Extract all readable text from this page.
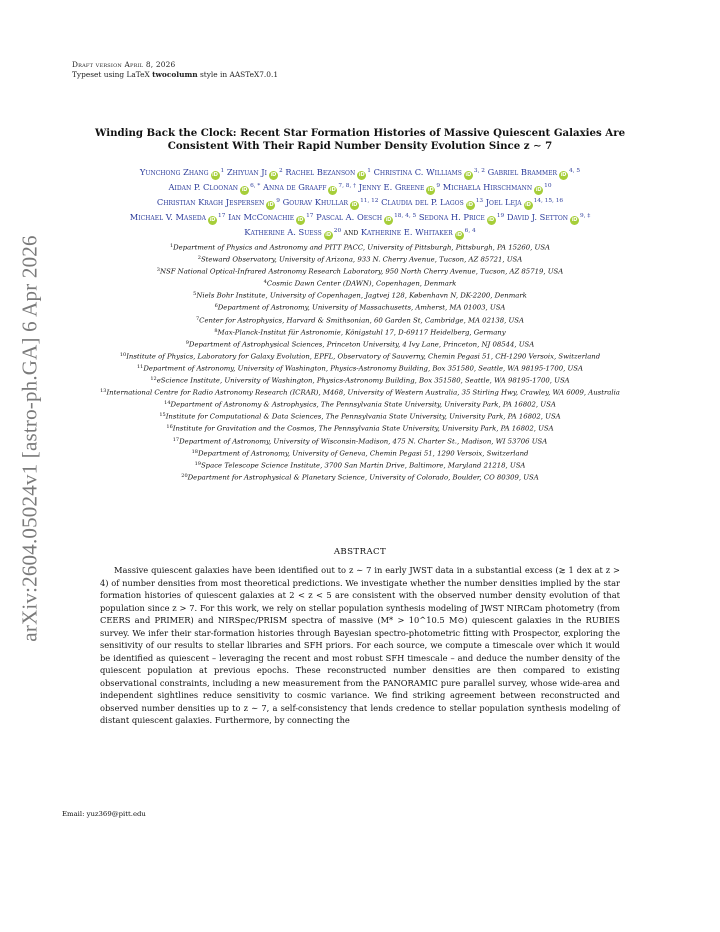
arXiv:2604.05024v1 [astro-ph.GA] 6 Apr 2026
Draft version April 8, 2026
Typeset using LaTeX twocolumn style in AASTeX7.0.1
Winding Back the Clock: Recent Star Formation Histories of Massive Quiescent Galaxies Are
Consistent With Their Rapid Number Density Evolution Since z ∼ 7
Yunchong Zhang iD$^1$ Zhiyuan Ji iD$^2$ Rachel Bezanson iD$^1$ Christina C. Williams iD$^{3, 2}$ Gabriel Brammer iD$^{4, 5}$
Aidan P. Cloonan iD$^{6, *}$ Anna de Graaff iD$^{7, 8, \dagger}$ Jenny E. Greene iD$^9$ Michaela Hirschmann iD$^{10}$
Christian Kragh Jespersen iD$^9$ Gourav Khullar iD$^{11, 12}$ Claudia del P. Lagos iD$^{13}$ Joel Leja iD$^{14, 15, 16}$
Michael V. Maseda iD$^{17}$ Ian McConachie iD$^{17}$ Pascal A. Oesch iD$^{18, 4, 5}$ Sedona H. Price iD$^{19}$ David J. Setton iD$^{9, \ddagger}$
Katherine A. Suess iD$^{20}$ and Katherine E. Whitaker iD$^{6, 4}$
$^1$Department of Physics and Astronomy and PITT PACC, University of Pittsburgh, Pittsburgh, PA 15260, USA
$^2$Steward Observatory, University of Arizona, 933 N. Cherry Avenue, Tucson, AZ 85721, USA
$^3$NSF National Optical-Infrared Astronomy Research Laboratory, 950 North Cherry Avenue, Tucson, AZ 85719, USA
$^4$Cosmic Dawn Center (DAWN), Copenhagen, Denmark
$^5$Niels Bohr Institute, University of Copenhagen, Jagtvej 128, København N, DK-2200, Denmark
$^6$Department of Astronomy, University of Massachusetts, Amherst, MA 01003, USA
$^7$Center for Astrophysics, Harvard & Smithsonian, 60 Garden St, Cambridge, MA 02138, USA
$^8$Max-Planck-Institut für Astronomie, Königstuhl 17, D-69117 Heidelberg, Germany
$^9$Department of Astrophysical Sciences, Princeton University, 4 Ivy Lane, Princeton, NJ 08544, USA
$^{10}$Institute of Physics, Laboratory for Galaxy Evolution, EPFL, Observatory of Sauverny, Chemin Pegasi 51, CH-1290 Versoix, Switzerland
$^{11}$Department of Astronomy, University of Washington, Physics-Astronomy Building, Box 351580, Seattle, WA 98195-1700, USA
$^{12}$eScience Institute, University of Washington, Physics-Astronomy Building, Box 351580, Seattle, WA 98195-1700, USA
$^{13}$International Centre for Radio Astronomy Research (ICRAR), M468, University of Western Australia, 35 Stirling Hwy, Crawley, WA 6009, Australia
$^{14}$Department of Astronomy & Astrophysics, The Pennsylvania State University, University Park, PA 16802, USA
$^{15}$Institute for Computational & Data Sciences, The Pennsylvania State University, University Park, PA 16802, USA
$^{16}$Institute for Gravitation and the Cosmos, The Pennsylvania State University, University Park, PA 16802, USA
$^{17}$Department of Astronomy, University of Wisconsin-Madison, 475 N. Charter St., Madison, WI 53706 USA
$^{18}$Department of Astronomy, University of Geneva, Chemin Pegasi 51, 1290 Versoix, Switzerland
$^{19}$Space Telescope Science Institute, 3700 San Martin Drive, Baltimore, Maryland 21218, USA
$^{20}$Department for Astrophysical & Planetary Science, University of Colorado, Boulder, CO 80309, USA
ABSTRACT
Massive quiescent galaxies have been identified out to z ∼ 7 in early JWST data in a substantial excess (≳ 1 dex at z > 4) of number densities from most theoretical predictions. We investigate whether the number densities implied by the star formation histories of quiescent galaxies at 2 < z < 5 are consistent with the observed number density evolution of that population since z > 7. For this work, we rely on stellar population synthesis modeling of JWST NIRCam photometry (from CEERS and PRIMER) and NIRSpec/PRISM spectra of massive (M* > 10^10.5 M⊙) quiescent galaxies in the RUBIES survey. We infer their star-formation histories through Bayesian spectro-photometric fitting with Prospector, exploring the sensitivity of our results to stellar libraries and SFH priors. For each source, we compute a timescale over which it would be identified as quiescent – leveraging the recent and most robust SFH timescale – and deduce the number density of the quiescent population at previous epochs. These reconstructed number densities are then compared to existing observational constraints, including a new measurement from the PANORAMIC pure parallel survey, whose wide-area and independent sightlines reduce sensitivity to cosmic variance. We find striking agreement between reconstructed and observed number densities up to z ∼ 7, a self-consistency that lends credence to stellar population synthesis modeling of distant quiescent galaxies. Furthermore, by connecting the
Email: yuz369@pitt.edu
